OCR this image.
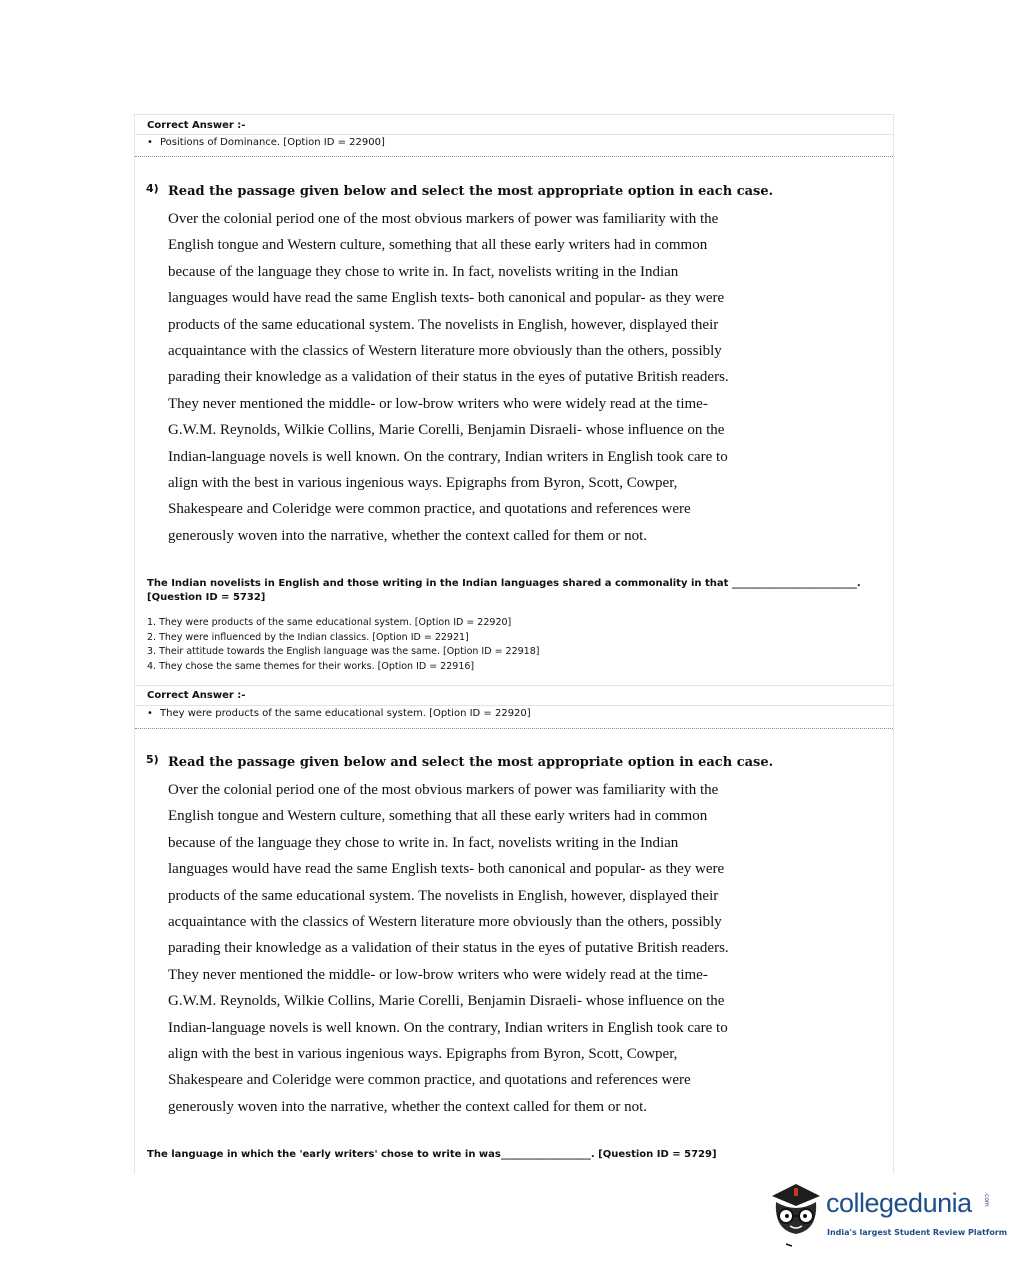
Correct Answer :-
• Positions of Dominance. [Option ID = 22900]
4) Read the passage given below and select the most appropriate option in each case.
Over the colonial period one of the most obvious markers of power was familiarity with the
English tongue and Western culture, something that all these early writers had in common
because of the language they chose to write in. In fact, novelists writing in the Indian
languages would have read the same English texts- both canonical and popular- as they were
products of the same educational system. The novelists in English, however, displayed their
acquaintance with the classics of Western literature more obviously than the others, possibly
parading their knowledge as a validation of their status in the eyes of putative British readers.
They never mentioned the middle- or low-brow writers who were widely read at the time-
G.W.M. Reynolds, Wilkie Collins, Marie Corelli, Benjamin Disraeli- whose influence on the
Indian-language novels is well known. On the contrary, Indian writers in English took care to
align with the best in various ingenious ways. Epigraphs from Byron, Scott, Cowper,
Shakespeare and Coleridge were common practice, and quotations and references were
generously woven into the narrative, whether the context called for them or not.
The Indian novelists in English and those writing in the Indian languages shared a commonality in that _________________________.
[Question ID = 5732]
1. They were products of the same educational system. [Option ID = 22920]
2. They were influenced by the Indian classics. [Option ID = 22921]
3. Their attitude towards the English language was the same. [Option ID = 22918]
4. They chose the same themes for their works. [Option ID = 22916]
Correct Answer :-
• They were products of the same educational system. [Option ID = 22920]
5) Read the passage given below and select the most appropriate option in each case.
Over the colonial period one of the most obvious markers of power was familiarity with the
English tongue and Western culture, something that all these early writers had in common
because of the language they chose to write in. In fact, novelists writing in the Indian
languages would have read the same English texts- both canonical and popular- as they were
products of the same educational system. The novelists in English, however, displayed their
acquaintance with the classics of Western literature more obviously than the others, possibly
parading their knowledge as a validation of their status in the eyes of putative British readers.
They never mentioned the middle- or low-brow writers who were widely read at the time-
G.W.M. Reynolds, Wilkie Collins, Marie Corelli, Benjamin Disraeli- whose influence on the
Indian-language novels is well known. On the contrary, Indian writers in English took care to
align with the best in various ingenious ways. Epigraphs from Byron, Scott, Cowper,
Shakespeare and Coleridge were common practice, and quotations and references were
generously woven into the narrative, whether the context called for them or not.
The language in which the 'early writers' chose to write in was__________________. [Question ID = 5729]
collegedunia .com
India's largest Student Review Platform
